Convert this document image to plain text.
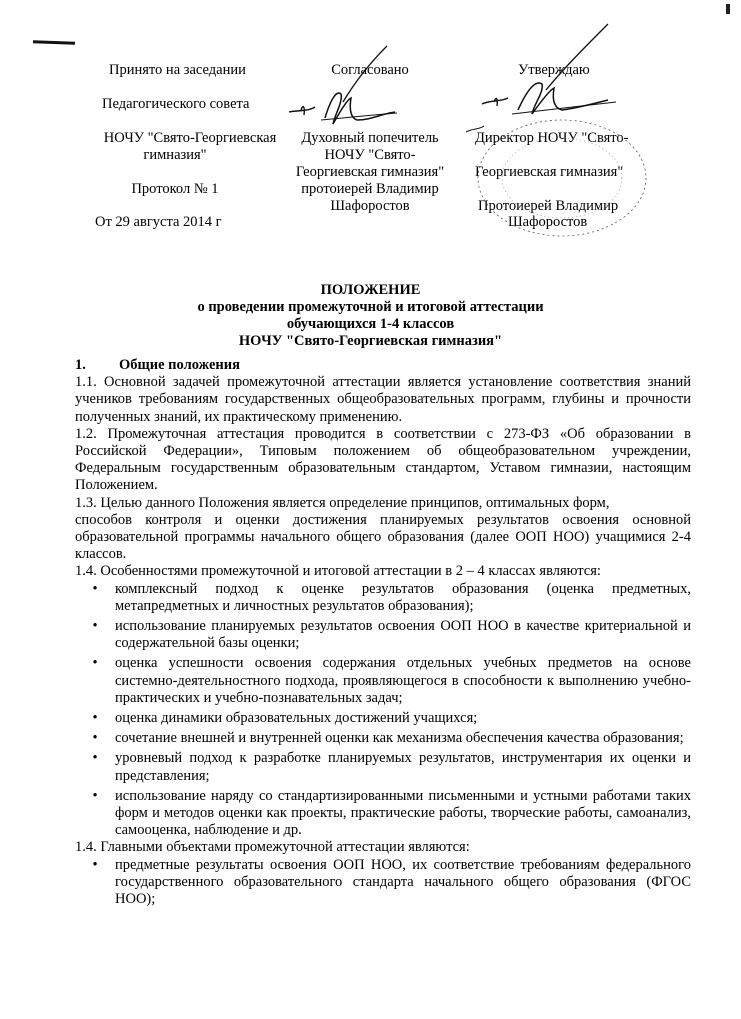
Принято на заседании
Педагогического совета
НОЧУ "Свято-Георгиевская
гимназия"
Протокол № 1
От 29 августа 2014 г
Согласовано
Духовный попечитель
НОЧУ "Свято-
Георгиевская гимназия"
протоиерей Владимир
Шафоростов
Утверждаю
Директор НОЧУ "Свято-
Георгиевская гимназия"
Протоиерей Владимир
Шафоростов
ПОЛОЖЕНИЕ
о проведении промежуточной и итоговой аттестации
обучающихся 1-4 классов
НОЧУ "Свято-Георгиевская гимназия"
1.	Общие положения

1.1. Основной задачей промежуточной аттестации является установление соответствия знаний учеников требованиям государственных общеобразовательных программ, глубины и прочности полученных знаний, их практическому применению.

1.2. Промежуточная аттестация проводится в соответствии с 273-ФЗ «Об образовании в Российской Федерации», Типовым положением об общеобразовательном учреждении, Федеральным государственным образовательным стандартом, Уставом гимназии, настоящим Положением.

1.3. Целью данного Положения является определение принципов, оптимальных форм,

способов контроля и оценки достижения планируемых результатов освоения основной образовательной программы начального общего образования (далее ООП НОО) учащимися 2-4 классов.

1.4. Особенностями промежуточной и итоговой аттестации в 2 – 4 классах являются:

•	комплексный подход к оценке результатов образования (оценка предметных, метапредметных и личностных результатов образования);
•	использование планируемых результатов освоения ООП НОО в качестве критериальной и содержательной базы оценки;
•	оценка успешности освоения содержания отдельных учебных предметов на основе системно-деятельностного подхода, проявляющегося в способности к выполнению учебно-практических и учебно-познавательных задач;
•	оценка динамики образовательных достижений учащихся;
•	сочетание внешней и внутренней оценки как механизма обеспечения качества образования;
•	уровневый подход к разработке планируемых результатов, инструментария их оценки и представления;
•	использование наряду со стандартизированными письменными и устными работами таких форм и методов оценки как проекты, практические работы, творческие работы, самоанализ, самооценка, наблюдение и др.

1.4. Главными объектами промежуточной аттестации являются:

•	предметные результаты освоения ООП НОО, их соответствие требованиям федерального государственного образовательного стандарта начального общего образования (ФГОС НОО);
